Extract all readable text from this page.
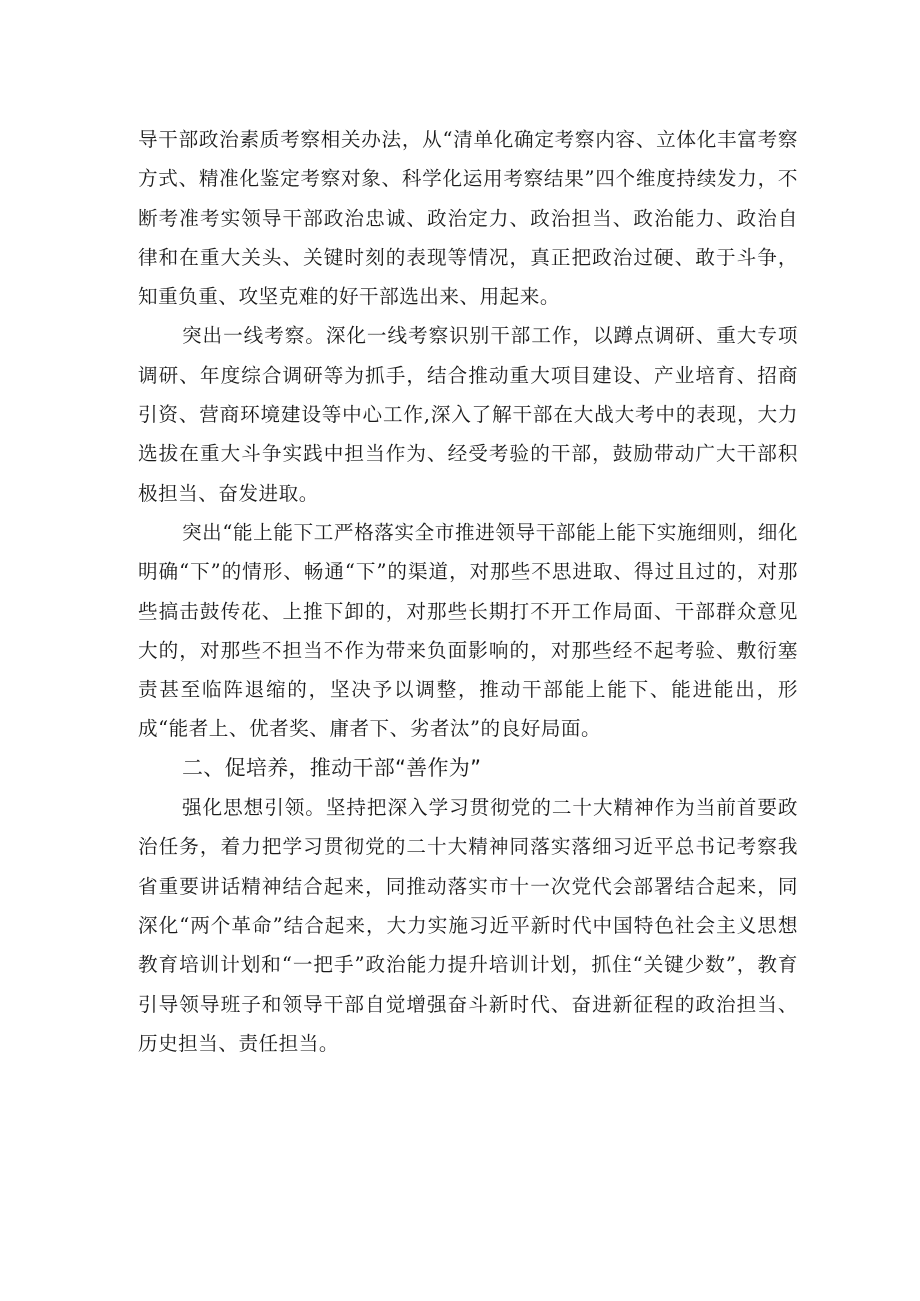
导干部政治素质考察相关办法，从“清单化确定考察内容、立体化丰富考察方式、精准化鉴定考察对象、科学化运用考察结果”四个维度持续发力，不断考准考实领导干部政治忠诚、政治定力、政治担当、政治能力、政治自律和在重大关头、关键时刻的表现等情况，真正把政治过硬、敢于斗争，知重负重、攻坚克难的好干部选出来、用起来。

突出一线考察。深化一线考察识别干部工作，以蹲点调研、重大专项调研、年度综合调研等为抓手，结合推动重大项目建设、产业培育、招商引资、营商环境建设等中心工作,深入了解干部在大战大考中的表现，大力选拔在重大斗争实践中担当作为、经受考验的干部，鼓励带动广大干部积极担当、奋发进取。

突出“能上能下工严格落实全市推进领导干部能上能下实施细则，细化明确“下”的情形、畅通“下”的渠道，对那些不思进取、得过且过的，对那些搞击鼓传花、上推下卸的，对那些长期打不开工作局面、干部群众意见大的，对那些不担当不作为带来负面影响的，对那些经不起考验、敷衍塞责甚至临阵退缩的，坚决予以调整，推动干部能上能下、能进能出，形成“能者上、优者奖、庸者下、劣者汰”的良好局面。

二、促培养，推动干部“善作为”

强化思想引领。坚持把深入学习贯彻党的二十大精神作为当前首要政治任务，着力把学习贯彻党的二十大精神同落实落细习近平总书记考察我省重要讲话精神结合起来，同推动落实市十一次党代会部署结合起来，同深化“两个革命”结合起来，大力实施习近平新时代中国特色社会主义思想教育培训计划和“一把手”政治能力提升培训计划，抓住“关键少数”，教育引导领导班子和领导干部自觉增强奋斗新时代、奋进新征程的政治担当、历史担当、责任担当。
